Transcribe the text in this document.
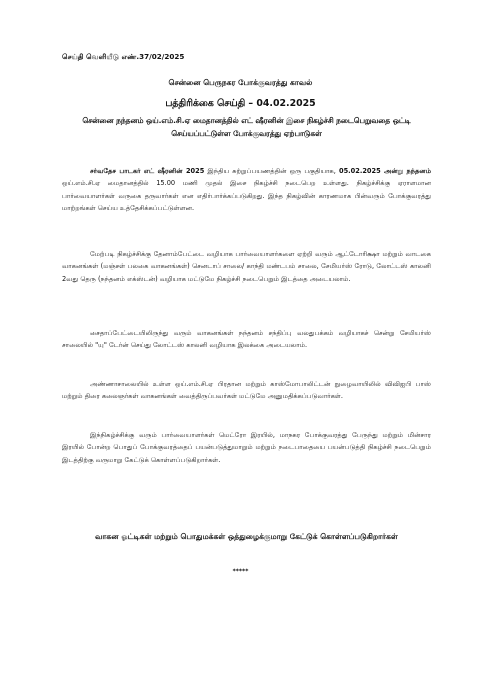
செய்தி வெளியீடு எண்.37/02/2025
சென்னை பெருநகர போக்குவரத்து காவல்
பத்திரிக்கை செய்தி – 04.02.2025
சென்னை நந்தனம் ஒய்.எம்.சி.ஏ மைதானத்தில் எட் ஷீரனின் இசை நிகழ்ச்சி நடைபெறுவதை ஒட்டி செய்யப்பட்டுள்ள போக்குவரத்து ஏற்பாடுகள்
சர்வதேச பாடகர் எட் ஷீரனின் 2025 இந்திய சுற்றுப்பயணத்தின் ஒரு பகுதியாக, 05.02.2025 அன்று நந்தனம் ஒய்.எம்.சி.ஏ மைதானத்தில் 15.00 மணி முதல் இசை நிகழ்ச்சி நடைபெற உள்ளது. நிகழ்ச்சிக்கு ஏராளமான பார்வையாளர்கள் வருகை தருவார்கள் என எதிர்பார்க்கப்படுகிறது. இந்த நிகழ்வின் காரணமாக பின்வரும் போக்குவரத்து மாற்றங்கள் செய்ய உத்தேசிக்கப்பட்டுள்ளன.
மேற்படி நிகழ்ச்சிக்கு தேனாம்பேட்டை வழியாக பார்வையாளர்களை ஏற்றி வரும் ஆட்டோரிக்ஷா மற்றும் வாடகை வாகனங்கள் (மஞ்சள் பலகை வாகனங்கள்) செனடாப் சாலை/ காந்தி மண்டபம் சாலை, சேமியர்ஸ் ரோடு, லோட்டஸ் காலனி 2வது தெரு (நந்தனம் எக்ஸ்டன்) வழியாக மட்டுமே நிகழ்ச்சி நடைபெறும் இடத்தை அடையலாம்.
சைதாப்பேட்டையிலிருந்து வரும் வாகனங்கள் நந்தனம் சந்திப்பு வலதுபக்கம் வழியாகச் சென்று சேமியர்ஸ் சாலையில் "யு" டேர்ன் செய்து லோட்டஸ் காலனி வழியாக இலக்கை அடையலாம்.
அண்ணாசாலையில் உள்ள ஒய்.எம்.சி.ஏ பிரதான மற்றும் காஸ்மோபாலிட்டன் நுழைவாயிலில் விவிஐபி பாஸ் மற்றும் திரை கலைஞர்கள் வாகனங்கள் வைத்திருப்பவர்கள் மட்டுமே அனுமதிக்கப்படுவார்கள்.
இந்நிகழ்ச்சிக்கு வரும் பார்வையாளர்கள் மெட்ரோ இரயில், மாநகர போக்குவரத்து பேருந்து மற்றும் மின்சார இரயில் போன்ற பொதுப் போக்குவரத்தைப் பயன்படுத்துமாறும் மற்றும் நடைபாதையை பயன்படுத்தி நிகழ்ச்சி நடைபெறும் இடத்திற்கு வருமாறு கேட்டுக் கொள்ளப்படுகிறார்கள்.
வாகன ஓட்டிகள் மற்றும் பொதுமக்கள் ஒத்துழைக்குமாறு கேட்டுக் கொள்ளப்படுகிறார்கள்
*****
